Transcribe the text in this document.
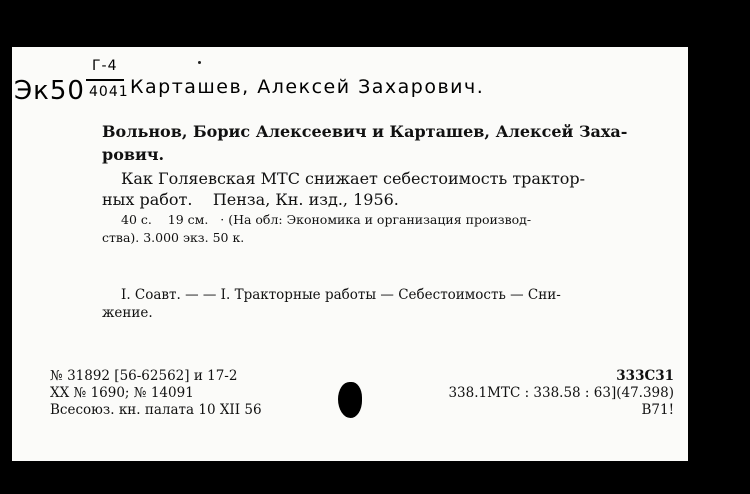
Эк50
Г-4
4041 Карташев, Алексей Захарович.
Вольнов, Борис Алексеевич и Карташев, Алексей Заха-
рович.
Как Голяевская МТС снижает себестоимость трактор-
ных работ.    Пенза, Кн. изд., 1956.
40 с.    19 см.   · (На обл: Экономика и организация производ-
ства). 3.000 экз. 50 к.
I. Соавт. — — I. Тракторные работы — Себестоимость — Сни-
жение.
№ 31892 [56-62562] и 17-2
XX № 1690; № 14091
Всесоюз. кн. палата 10 XII 56
333С31
338.1МТС : 338.58 : 63](47.398)
В71!
